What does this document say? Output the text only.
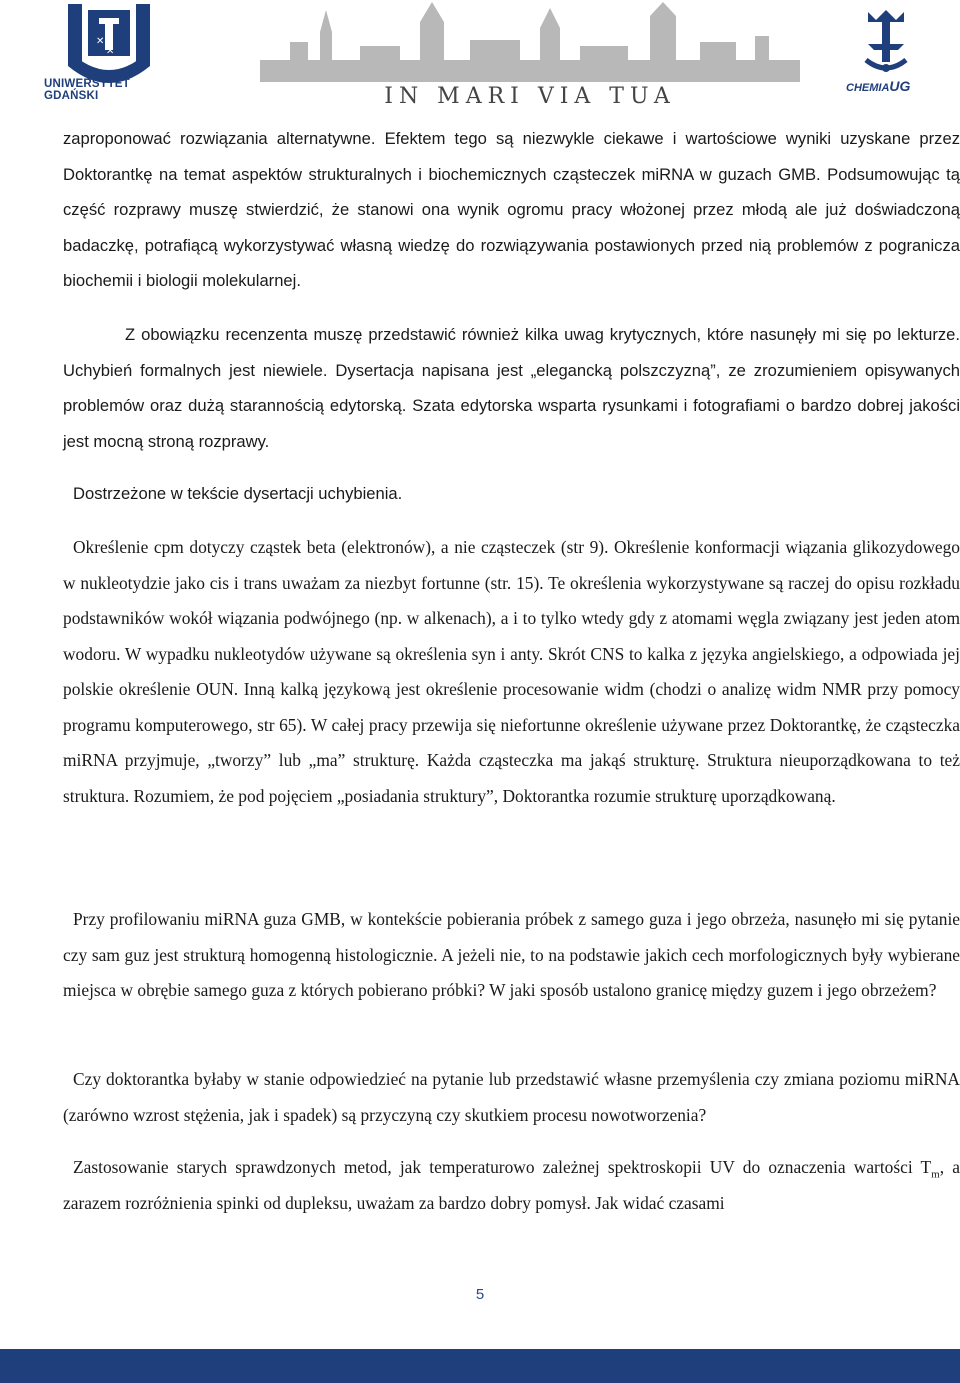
✕
✕
UNIWERSYTET GDAŃSKI	IN MARI VIA TUA	CHEMIAUG

zaproponować rozwiązania alternatywne. Efektem tego są niezwykle ciekawe i wartościowe wyniki uzyskane przez Doktorantkę na temat aspektów strukturalnych i biochemicznych cząsteczek miRNA w guzach GMB. Podsumowując tą część rozprawy muszę stwierdzić, że stanowi ona wynik ogromu pracy włożonej przez młodą ale już doświadczoną badaczkę, potrafiącą wykorzystywać własną wiedzę do rozwiązywania postawionych przed nią problemów z pogranicza biochemii i biologii molekularnej.

Z obowiązku recenzenta muszę przedstawić również kilka uwag krytycznych, które nasunęły mi się po lekturze. Uchybień formalnych jest niewiele. Dysertacja napisana jest „elegancką polszczyzną”, ze zrozumieniem opisywanych problemów oraz dużą starannością edytorską. Szata edytorska wsparta rysunkami i fotografiami o bardzo dobrej jakości jest mocną stroną rozprawy.

Dostrzeżone w tekście dysertacji uchybienia.

Określenie cpm dotyczy cząstek beta (elektronów), a nie cząsteczek (str 9). Określenie konformacji wiązania glikozydowego w nukleotydzie jako cis i trans uważam za niezbyt fortunne (str. 15). Te określenia wykorzystywane są raczej do opisu rozkładu podstawników wokół wiązania podwójnego (np. w alkenach), a i to tylko wtedy gdy z atomami węgla związany jest jeden atom wodoru. W wypadku nukleotydów używane są określenia syn i anty. Skrót CNS to kalka z języka angielskiego, a odpowiada jej polskie określenie OUN. Inną kalką językową jest określenie procesowanie widm (chodzi o analizę widm NMR przy pomocy programu komputerowego, str 65). W całej pracy przewija się niefortunne określenie używane przez Doktorantkę, że cząsteczka miRNA przyjmuje, „tworzy” lub „ma” strukturę. Każda cząsteczka ma jakąś strukturę. Struktura nieuporządkowana to też struktura. Rozumiem, że pod pojęciem „posiadania struktury”, Doktorantka rozumie strukturę uporządkowaną.

Przy profilowaniu miRNA guza GMB, w kontekście pobierania próbek z samego guza i jego obrzeża, nasunęło mi się pytanie czy sam guz jest strukturą homogenną histologicznie. A jeżeli nie, to na podstawie jakich cech morfologicznych były wybierane miejsca w obrębie samego guza z których pobierano próbki? W jaki sposób ustalono granicę między guzem i jego obrzeżem?

Czy doktorantka byłaby w stanie odpowiedzieć na pytanie lub przedstawić własne przemyślenia czy zmiana poziomu miRNA (zarówno wzrost stężenia, jak i spadek) są przyczyną czy skutkiem procesu nowotworzenia?

Zastosowanie starych sprawdzonych metod, jak temperaturowo zależnej spektroskopii UV do oznaczenia wartości $T_m$, a zarazem rozróżnienia spinki od dupleksu, uważam za bardzo dobry pomysł. Jak widać czasami

5
